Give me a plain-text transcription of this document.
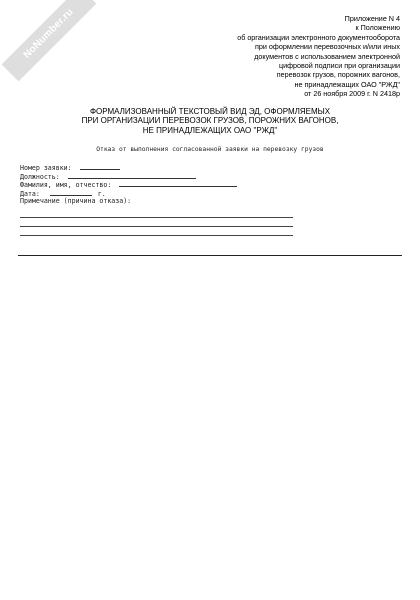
NoNumber.ru	Приложение N 4
к Положению
об организации электронного документооборота
при оформлении перевозочных и/или иных
документов с использованием электронной
цифровой подписи при организации
перевозок грузов, порожних вагонов,
не принадлежащих ОАО "РЖД"
от 26 ноября 2009 г. N 2418р
ФОРМАЛИЗОВАННЫЙ ТЕКСТОВЫЙ ВИД ЭД, ОФОРМЛЯЕМЫХ
ПРИ ОРГАНИЗАЦИИ ПЕРЕВОЗОК ГРУЗОВ, ПОРОЖНИХ ВАГОНОВ,
НЕ ПРИНАДЛЕЖАЩИХ ОАО "РЖД"
Отказ от выполнения согласованной заявки на перевозку грузов
Номер заявки:
Должность:
Фамилия, имя, отчество:
Дата:	г.
Примечание (причина отказа):
